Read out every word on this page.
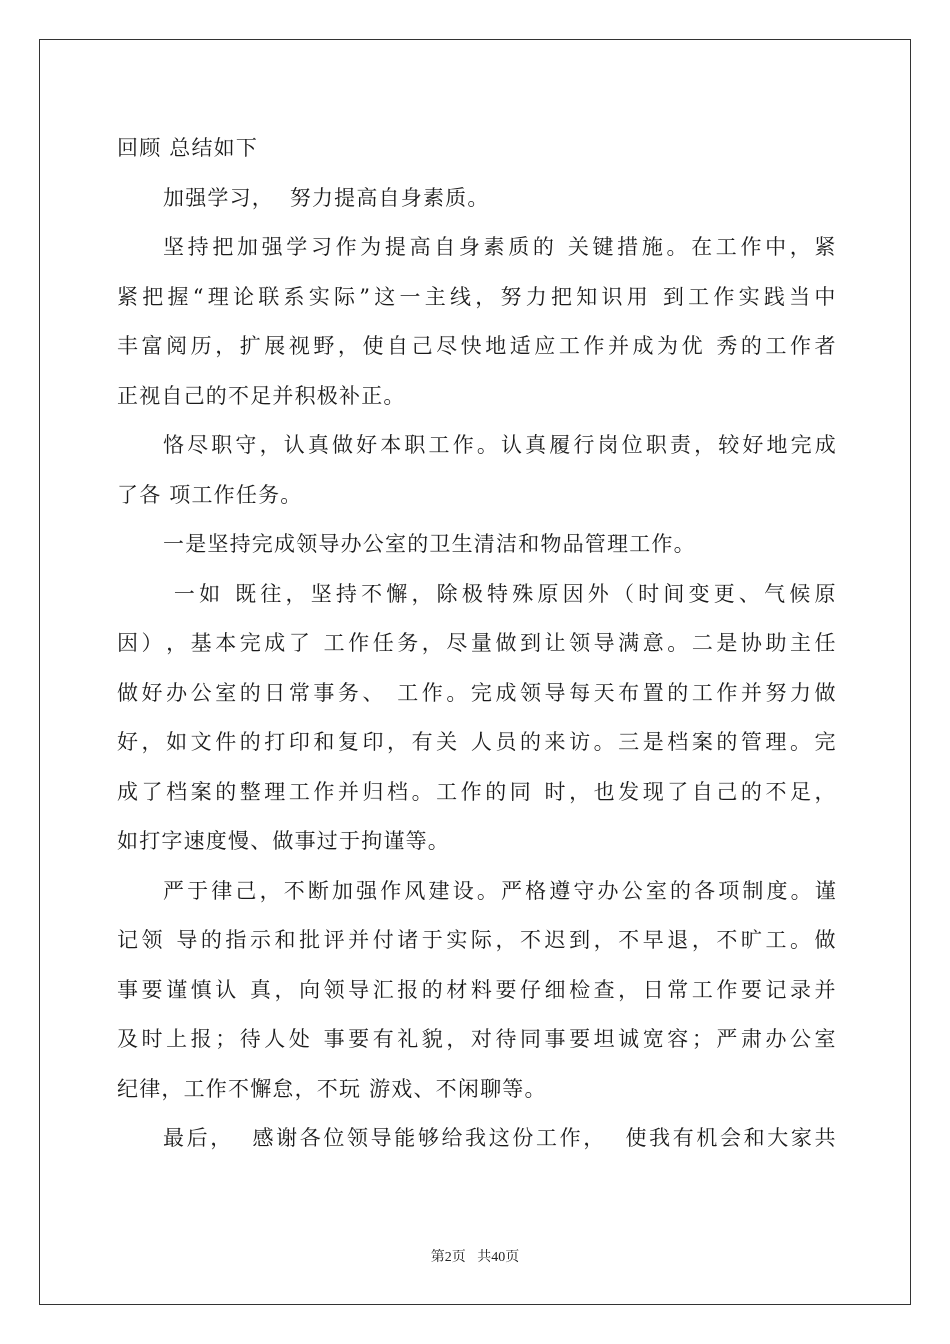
回顾 总结如下
加强学习，  努力提高自身素质。
坚 持 把 加 强 学 习 作 为 提 高 自 身 素 质 的
关 键 措 施 。 在 工 作 中 ， 紧
紧 把 握 “ 理 论 联 系 实 际 ” 这 一 主 线 ， 努 力 把 知 识 用
到 工 作 实 践 当 中
丰 富 阅 历 ， 扩 展 视 野 ， 使 自 己 尽 快 地 适 应 工 作 并 成 为 优
秀 的 工 作 者
正视自己的不足并积极补正。
恪 尽 职 守 ， 认 真 做 好 本 职 工 作 。 认 真 履 行 岗 位 职 责 ， 较 好 地 完 成
了各 项工作任务。
一是坚持完成领导办公室的卫生清洁和物品管理工作。

一 如
既 往 ， 坚 持 不 懈 ， 除 极 特 殊 原 因 外 （ 时 间 变 更 、 气 候 原
因 ） ， 基 本 完 成 了
工 作 任 务 ， 尽 量 做 到 让 领 导 满 意 。 二 是 协 助 主 任
做 好 办 公 室 的 日 常 事 务 、
工 作 。 完 成 领 导 每 天 布 置 的 工 作 并 努 力 做
好 ， 如 文 件 的 打 印 和 复 印 ， 有 关
人 员 的 来 访 。 三 是 档 案 的 管 理 。 完
成 了 档 案 的 整 理 工 作 并 归 档 。 工 作 的 同
时 ， 也 发 现 了 自 己 的 不 足 ，
如打字速度慢、做事过于拘谨等。
严 于 律 己 ， 不 断 加 强 作 风 建 设 。 严 格 遵 守 办 公 室 的 各 项 制 度 。 谨
记 领
导 的 指 示 和 批 评 并 付 诸 于 实 际 ， 不 迟 到 ， 不 早 退 ， 不 旷 工 。 做
事 要 谨 慎 认
真 ， 向 领 导 汇 报 的 材 料 要 仔 细 检 查 ， 日 常 工 作 要 记 录 并
及 时 上 报 ； 待 人 处
事 要 有 礼 貌 ， 对 待 同 事 要 坦 诚 宽 容 ； 严 肃 办 公 室
纪律，工作不懈怠，不玩 游戏、不闲聊等。
最 后 ，

感 谢 各 位 领 导 能 够 给 我 这 份 工 作 ，

使 我 有 机 会 和 大 家 共
第2页 共40页
